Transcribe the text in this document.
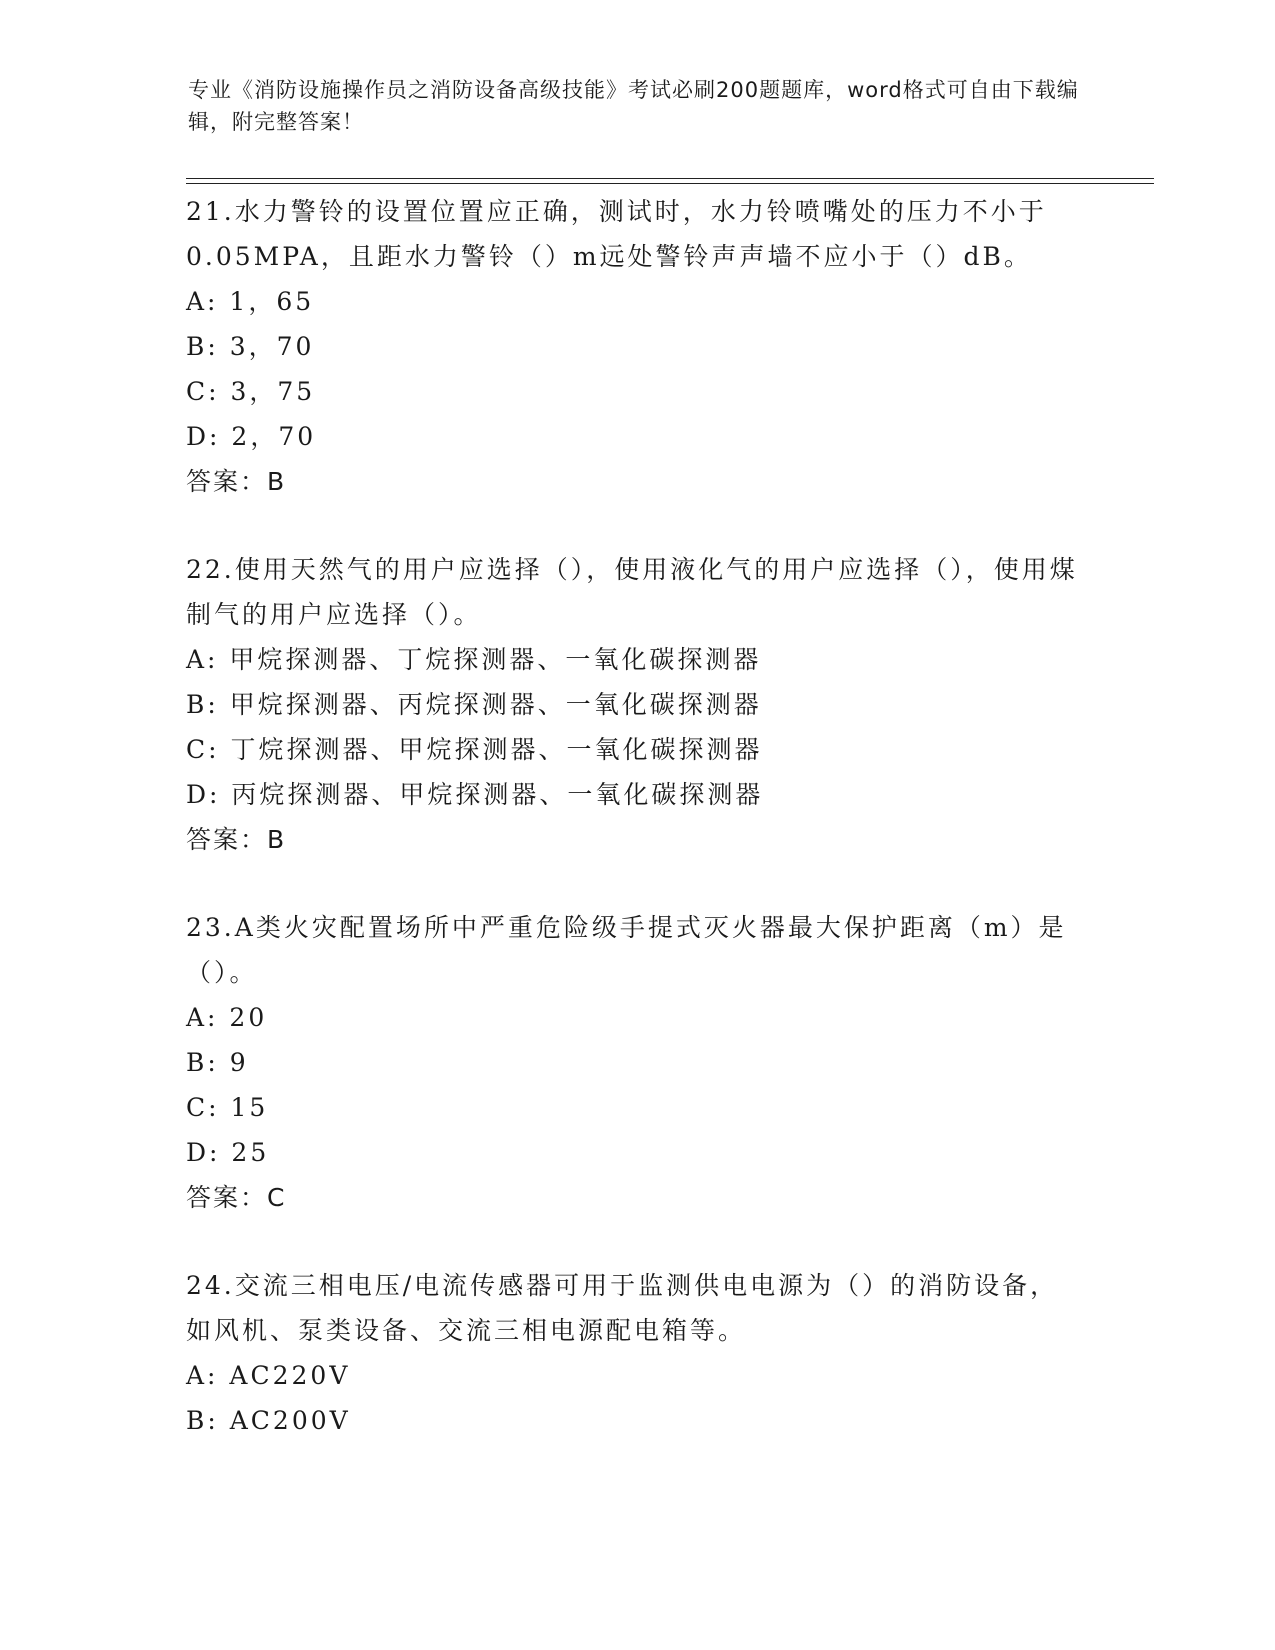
专业《消防设施操作员之消防设备高级技能》考试必刷200题题库，word格式可自由下载编辑，附完整答案！

21.水力警铃的设置位置应正确，测试时，水力铃喷嘴处的压力不小于0.05MPA，且距水力警铃（）m远处警铃声声墙不应小于（）dB。

A: 1，65

B: 3，70

C: 3，75

D: 2，70

答案：B

22.使用天然气的用户应选择（），使用液化气的用户应选择（），使用煤制气的用户应选择（）。

A: 甲烷探测器、丁烷探测器、一氧化碳探测器

B: 甲烷探测器、丙烷探测器、一氧化碳探测器

C: 丁烷探测器、甲烷探测器、一氧化碳探测器

D: 丙烷探测器、甲烷探测器、一氧化碳探测器

答案：B

23.A类火灾配置场所中严重危险级手提式灭火器最大保护距离（m）是（）。

A: 20

B: 9

C: 15

D: 25

答案：C

24.交流三相电压/电流传感器可用于监测供电电源为（）的消防设备，如风机、泵类设备、交流三相电源配电箱等。

A: AC220V

B: AC200V
